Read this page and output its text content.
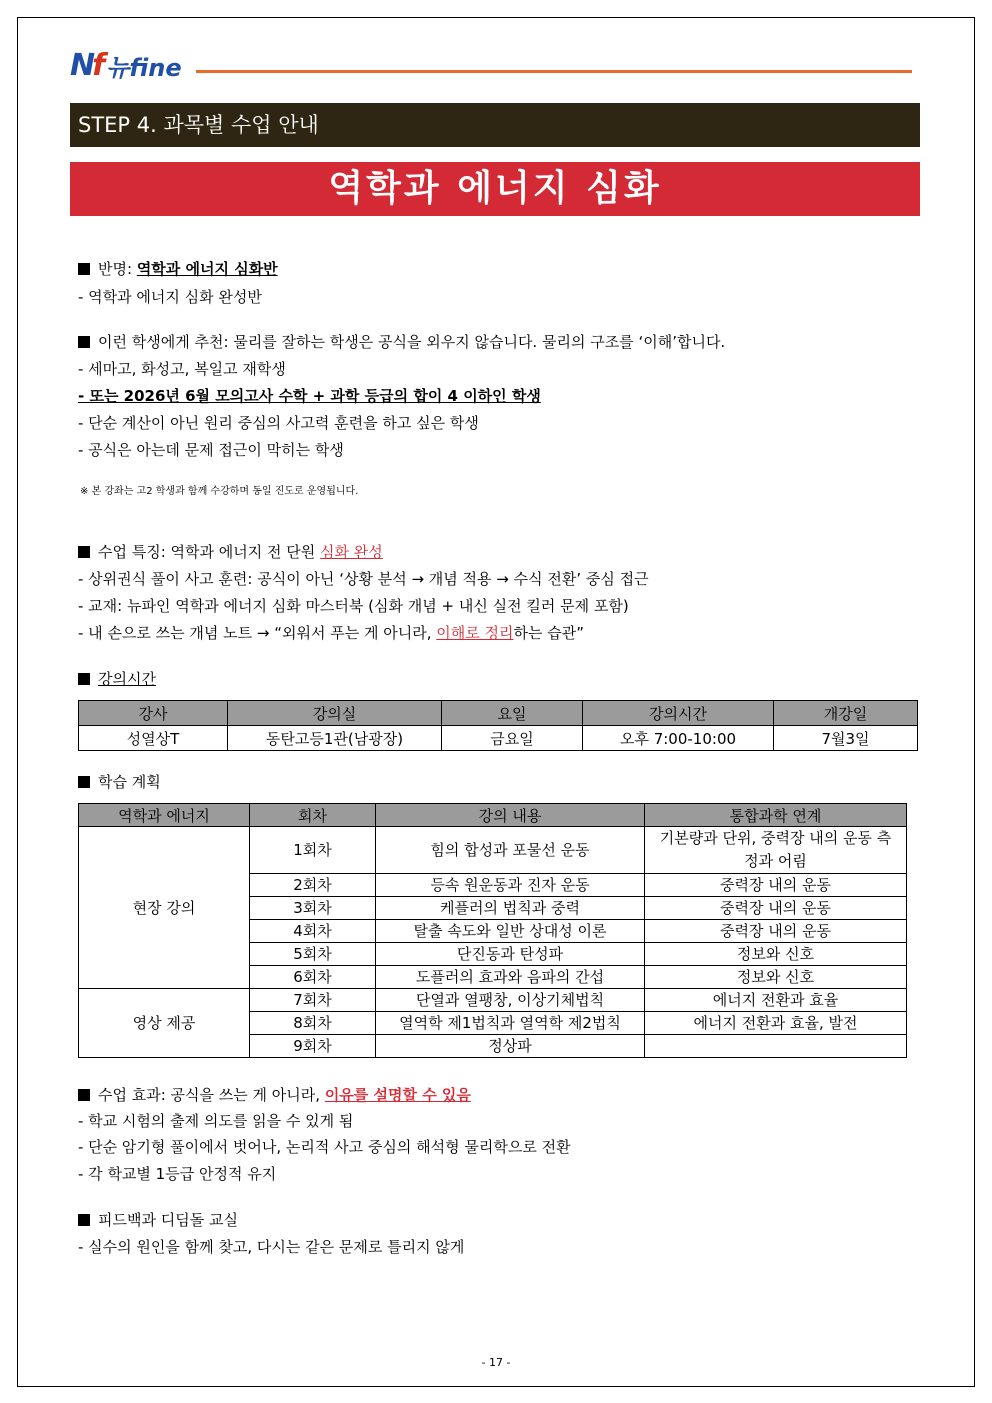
Nf 뉴fine
STEP 4. 과목별 수업 안내
역학과 에너지 심화
반명: 역학과 에너지 심화반
- 역학과 에너지 심화 완성반
이런 학생에게 추천: 물리를 잘하는 학생은 공식을 외우지 않습니다. 물리의 구조를 ‘이해’합니다.
- 세마고, 화성고, 복일고 재학생
- 또는 2026년 6월 모의고사 수학 + 과학 등급의 합이 4 이하인 학생
- 단순 계산이 아닌 원리 중심의 사고력 훈련을 하고 싶은 학생
- 공식은 아는데 문제 접근이 막히는 학생
※ 본 강좌는 고2 학생과 함께 수강하며 동일 진도로 운영됩니다.
수업 특징: 역학과 에너지 전 단원 심화 완성
- 상위권식 풀이 사고 훈련: 공식이 아닌 ‘상황 분석 → 개념 적용 → 수식 전환’ 중심 접근
- 교재: 뉴파인 역학과 에너지 심화 마스터북 (심화 개념 + 내신 실전 킬러 문제 포함)
- 내 손으로 쓰는 개념 노트 → “외워서 푸는 게 아니라, 이해로 정리하는 습관”
강의시간
강사	강의실	요일	강의시간	개강일
성열상T	동탄고등1관(남광장)	금요일	오후 7:00-10:00	7월3일
학습 계획
역학과 에너지	회차	강의 내용	통합과학 연계
현장 강의	1회차	힘의 합성과 포물선 운동	기본량과 단위, 중력장 내의 운동 측정과 어림
	2회차	등속 원운동과 진자 운동	중력장 내의 운동
	3회차	케플러의 법칙과 중력	중력장 내의 운동
	4회차	탈출 속도와 일반 상대성 이론	중력장 내의 운동
	5회차	단진동과 탄성파	정보와 신호
	6회차	도플러의 효과와 음파의 간섭	정보와 신호
영상 제공	7회차	단열과 열팽창, 이상기체법칙	에너지 전환과 효율
	8회차	열역학 제1법칙과 열역학 제2법칙	에너지 전환과 효율, 발전
	9회차	정상파	
수업 효과: 공식을 쓰는 게 아니라, 이유를 설명할 수 있음
- 학교 시험의 출제 의도를 읽을 수 있게 됨
- 단순 암기형 풀이에서 벗어나, 논리적 사고 중심의 해석형 물리학으로 전환
- 각 학교별 1등급 안정적 유지
피드백과 디딤돌 교실
- 실수의 원인을 함께 찾고, 다시는 같은 문제로 틀리지 않게
- 17 -
